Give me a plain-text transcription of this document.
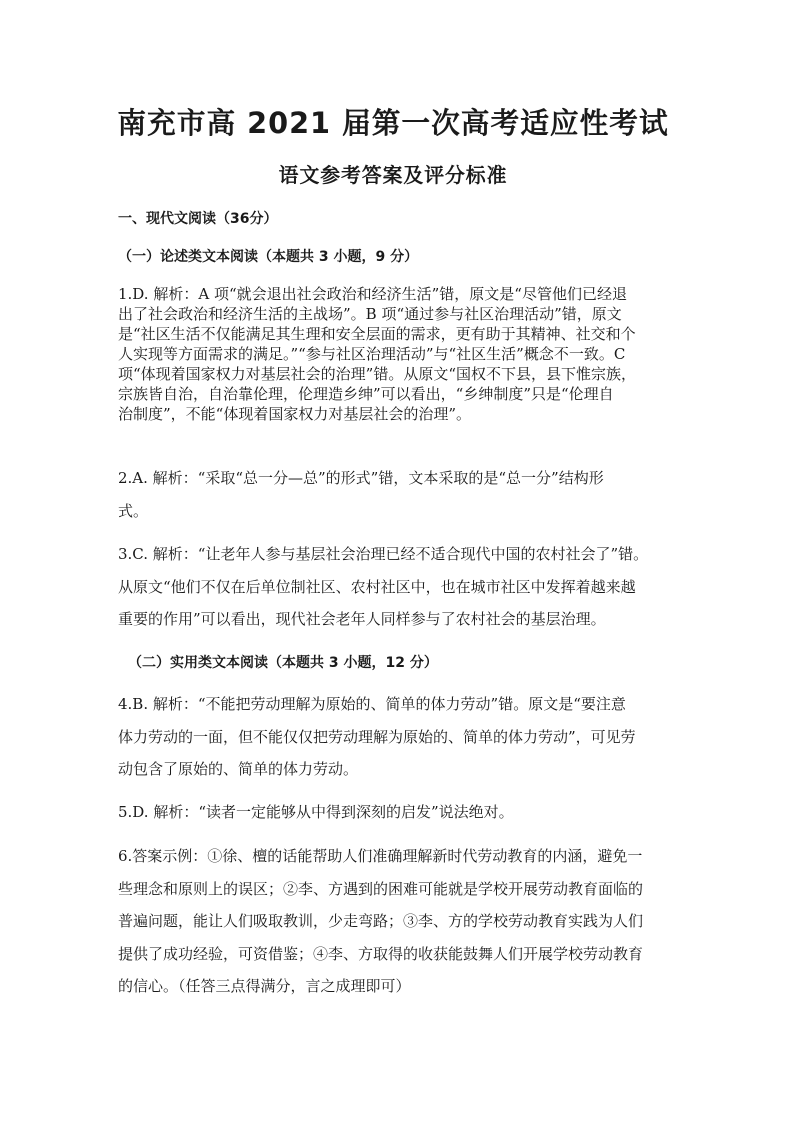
南充市高 2021 届第一次高考适应性考试
语文参考答案及评分标准
一、现代文阅读（36分）
（一）论述类文本阅读（本题共 3 小题，9 分）
1.D. 解析：A 项“就会退出社会政治和经济生活”错，原文是“尽管他们已经退
出了社会政治和经济生活的主战场”。B 项“通过参与社区治理活动”错，原文
是“社区生活不仅能满足其生理和安全层面的需求，更有助于其精神、社交和个
人实现等方面需求的满足。”“参与社区治理活动”与“社区生活”概念不一致。C
项“体现着国家权力对基层社会的治理”错。从原文“国权不下县，县下惟宗族，
宗族皆自治，自治靠伦理，伦理造乡绅”可以看出，“乡绅制度”只是“伦理自
治制度”，不能“体现着国家权力对基层社会的治理”。
2.A. 解析：“采取“总一分—总”的形式”错，文本采取的是“总一分”结构形
式。
3.C. 解析：“让老年人参与基层社会治理已经不适合现代中国的农村社会了”错。
从原文“他们不仅在后单位制社区、农村社区中，也在城市社区中发挥着越来越
重要的作用”可以看出，现代社会老年人同样参与了农村社会的基层治理。
（二）实用类文本阅读（本题共 3 小题，12 分）
4.B. 解析：“不能把劳动理解为原始的、简单的体力劳动”错。原文是“要注意
体力劳动的一面，但不能仅仅把劳动理解为原始的、简单的体力劳动”，可见劳
动包含了原始的、简单的体力劳动。
5.D. 解析：“读者一定能够从中得到深刻的启发”说法绝对。
6.答案示例：①徐、檀的话能帮助人们准确理解新时代劳动教育的内涵，避免一
些理念和原则上的误区；②李、方遇到的困难可能就是学校开展劳动教育面临的
普遍问题，能让人们吸取教训，少走弯路；③李、方的学校劳动教育实践为人们
提供了成功经验，可资借鉴；④李、方取得的收获能鼓舞人们开展学校劳动教育
的信心。（任答三点得满分，言之成理即可）
